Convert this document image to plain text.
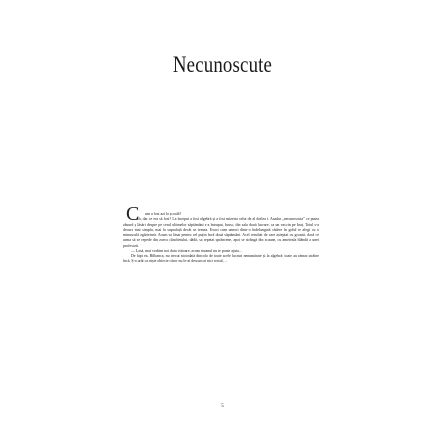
Necunoscute
C	um a fost azi la școală?

— Ah, dar ce era să fost? La început a fost algebră și a fost mizeria celui de al doilea t. Asadar „necunoscuta” ce putea absurd ș lăsări despre pe cerul ultimelor săptămâni s-a întrupat, brusc, din sala două lucrare, ca un vaccin pe braț. Totul s-a decurs mai simplu, mai la suprafață decât se temea. Exact cum uneori dintr-o îndelungată cădere în golul te alegi cu o minusculă zgârietură. Acum sa lăsat pentru cel puțin încă două săptămâni. Acel rezultat de care așteptat cu groază, dacă ce urma să se repede din zarva clinchetului, dădă, sa repetat sprâncene, apoi se strângă din scaune, cu ameteala blândă a unei profesorii.

— Lasă, mai vorbim noi data viitoare, acum tavanul nu te poate ajuta...

De fapt ea, Bilbanca, nu trecut niciodată dincolo de toate acele lucruri nenumărate și la algebră; toate au rămas străine încă. Ș-a urât ca niște obiecte căror nu le-ai descurcat nici rostul, ...

5
